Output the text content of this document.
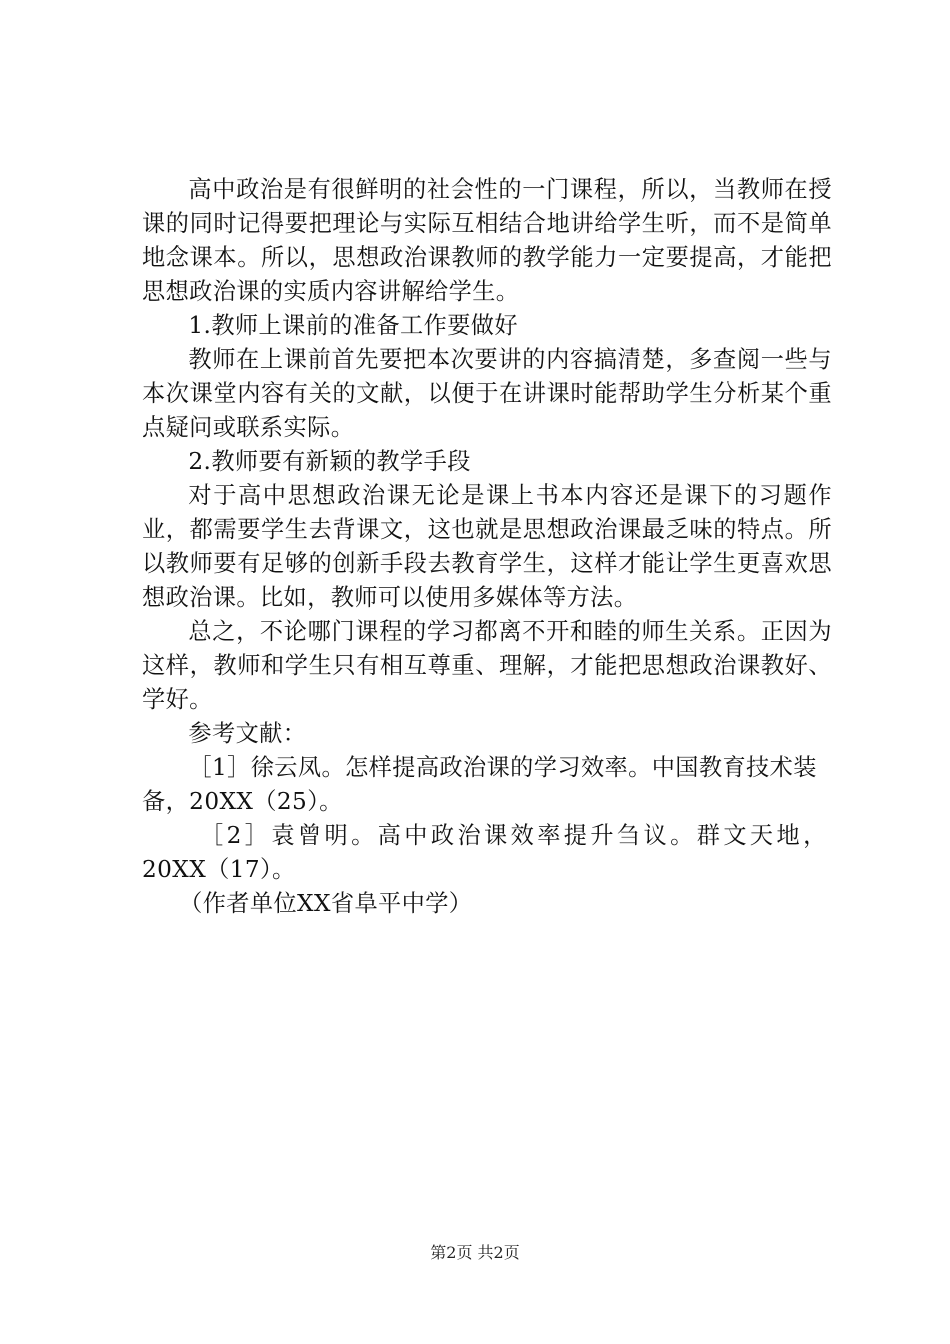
高中政治是有很鲜明的社会性的一门课程，所以，当教师在授课的同时记得要把理论与实际互相结合地讲给学生听，而不是简单地念课本。所以，思想政治课教师的教学能力一定要提高，才能把思想政治课的实质内容讲解给学生。

1.教师上课前的准备工作要做好

教师在上课前首先要把本次要讲的内容搞清楚，多查阅一些与本次课堂内容有关的文献，以便于在讲课时能帮助学生分析某个重点疑问或联系实际。

2.教师要有新颖的教学手段

对于高中思想政治课无论是课上书本内容还是课下的习题作业，都需要学生去背课文，这也就是思想政治课最乏味的特点。所以教师要有足够的创新手段去教育学生，这样才能让学生更喜欢思想政治课。比如，教师可以使用多媒体等方法。

总之，不论哪门课程的学习都离不开和睦的师生关系。正因为这样，教师和学生只有相互尊重、理解，才能把思想政治课教好、学好。

参考文献：

［1］徐云凤。怎样提高政治课的学习效率。中国教育技术装备，20XX（25）。

［2］袁曾明。高中政治课效率提升刍议。群文天地，

20XX（17）。

（作者单位XX省阜平中学）

第2页 共2页
